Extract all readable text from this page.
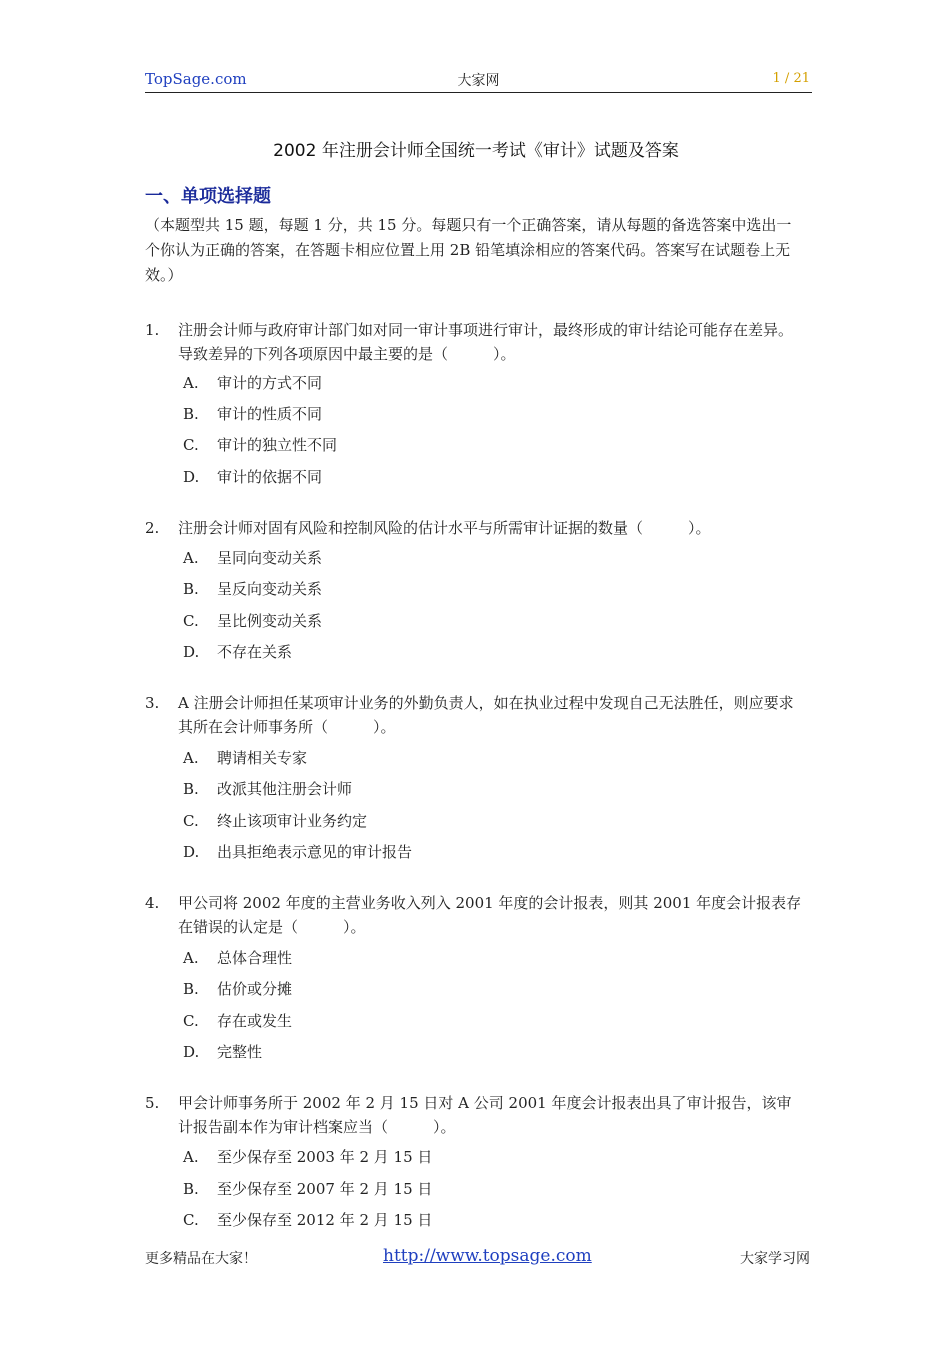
TopSage.com	大家网	1 / 21
2002 年注册会计师全国统一考试《审计》试题及答案
一、单项选择题
（本题型共 15 题，每题 1 分，共 15 分。每题只有一个正确答案，请从每题的备选答案中选出一个你认为正确的答案，在答题卡相应位置上用 2B 铅笔填涂相应的答案代码。答案写在试题卷上无效。）
1. 注册会计师与政府审计部门如对同一审计事项进行审计，最终形成的审计结论可能存在差异。导致差异的下列各项原因中最主要的是（　　　）。
A. 审计的方式不同
B. 审计的性质不同
C. 审计的独立性不同
D. 审计的依据不同
2. 注册会计师对固有风险和控制风险的估计水平与所需审计证据的数量（　　　）。
A. 呈同向变动关系
B. 呈反向变动关系
C. 呈比例变动关系
D. 不存在关系
3. A 注册会计师担任某项审计业务的外勤负责人，如在执业过程中发现自己无法胜任，则应要求其所在会计师事务所（　　　）。
A. 聘请相关专家
B. 改派其他注册会计师
C. 终止该项审计业务约定
D. 出具拒绝表示意见的审计报告
4. 甲公司将 2002 年度的主营业务收入列入 2001 年度的会计报表，则其 2001 年度会计报表存在错误的认定是（　　　）。
A. 总体合理性
B. 估价或分摊
C. 存在或发生
D. 完整性
5. 甲会计师事务所于 2002 年 2 月 15 日对 A 公司 2001 年度会计报表出具了审计报告，该审计报告副本作为审计档案应当（　　　）。
A. 至少保存至 2003 年 2 月 15 日
B. 至少保存至 2007 年 2 月 15 日
C. 至少保存至 2012 年 2 月 15 日
更多精品在大家！	http://www.topsage.com	大家学习网
